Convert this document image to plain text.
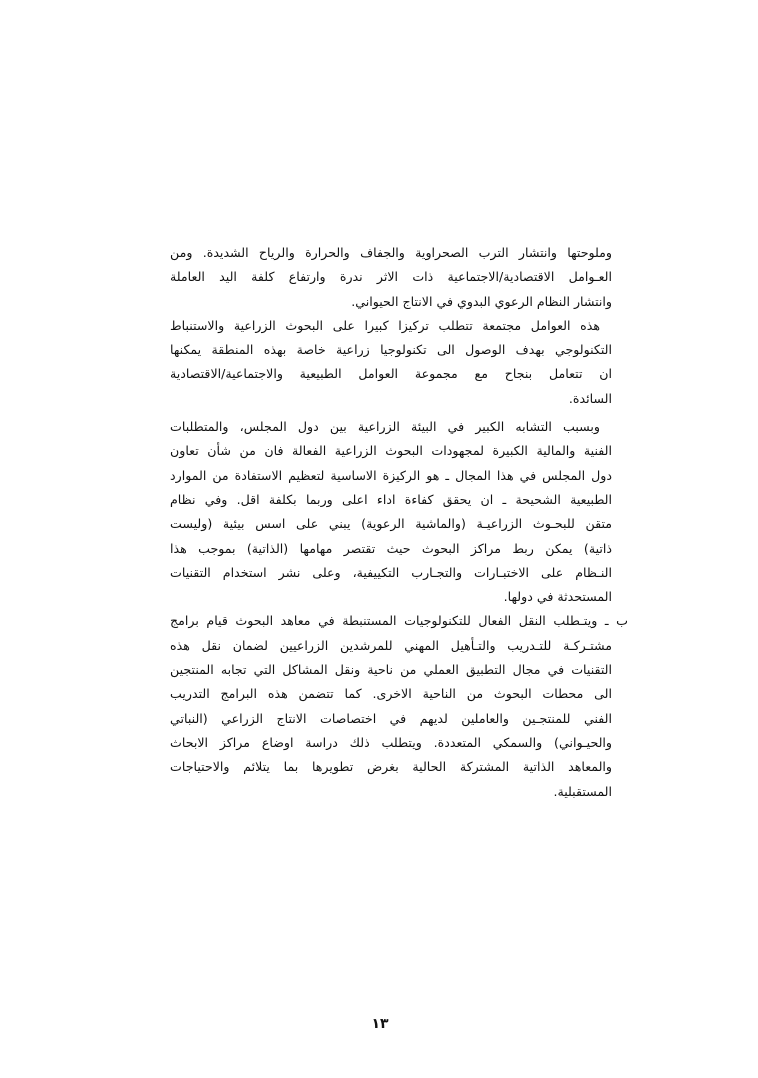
وملوحتها وانتشار الترب الصحراوية والجفاف والحرارة والرياح الشديدة. ومن
العـوامل الاقتصادية/الاجتماعية ذات الاثر ندرة وارتفاع كلفة اليد العاملة
وانتشار النظام الرعوي البدوي في الانتاج الحيواني.
هذه العوامل مجتمعة تتطلب تركيزا كبيرا على البحوث الزراعية والاستنباط
التكنولوجي بهدف الوصول الى تكنولوجيا زراعية خاصة بهذه المنطقة يمكنها
ان تتعامل بنجاح مع مجموعة العوامل الطبيعية والاجتماعية/الاقتصادية
السائدة.
وبسبب التشابه الكبير في البيئة الزراعية بين دول المجلس، والمتطلبات
الفنية والمالية الكبيرة لمجهودات البحوث الزراعية الفعالة فان من شأن تعاون
دول المجلس في هذا المجال ـ هو الركيزة الاساسية لتعظيم الاستفادة من الموارد
الطبيعية الشحيحة ـ ان يحقق كفاءة اداء اعلى وربما بكلفة اقل. وفي نظام
متقن للبحـوث الزراعيـة (والماشية الرعوية) يبني على اسس بيئية (وليست
ذاتية) يمكن ربط مراكز البحوث حيث تقتصر مهامها (الذاتية) بموجب هذا
النـظام على الاختبـارات والتجـارب التكييفية، وعلى نشر استخدام التقنيات
المستحدثة في دولها.
ب ـ ويتـطلب النقل الفعال للتكنولوجيات المستنبطة في معاهد البحوث قيام برامج
مشتـركـة للتـدريب والتـأهيل المهني للمرشدين الزراعيين لضمان نقل هذه
التقنيات في مجال التطبيق العملي من ناحية ونقل المشاكل التي تجابه المنتجين
الى محطات البحوث من الناحية الاخرى. كما تتضمن هذه البرامج التدريب
الفني للمنتجـين والعاملين لديهم في اختصاصات الانتاج الزراعي (النباتي
والحيـواني) والسمكي المتعددة. ويتطلب ذلك دراسة اوضاع مراكز الابحاث
والمعاهد الذاتية المشتركة الحالية بغرض تطويرها بما يتلائم والاحتياجات
المستقبلية.
١٣
